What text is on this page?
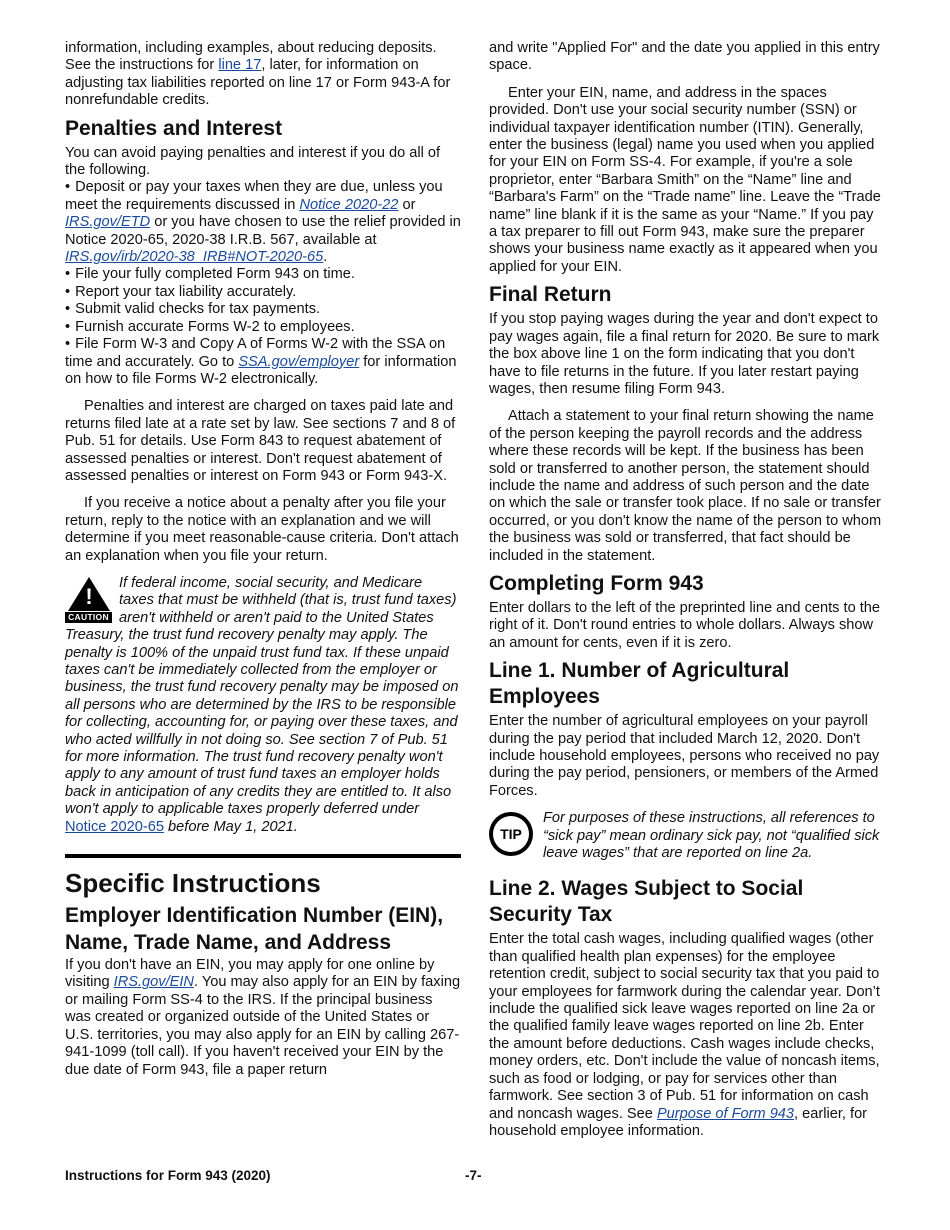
information, including examples, about reducing deposits. See the instructions for line 17, later, for information on adjusting tax liabilities reported on line 17 or Form 943-A for nonrefundable credits.

Penalties and Interest

You can avoid paying penalties and interest if you do all of the following.

• Deposit or pay your taxes when they are due, unless you meet the requirements discussed in Notice 2020-22 or IRS.gov/ETD or you have chosen to use the relief provided in Notice 2020-65, 2020-38 I.R.B. 567, available at IRS.gov/irb/2020-38_IRB#NOT-2020-65.

• File your fully completed Form 943 on time.

• Report your tax liability accurately.

• Submit valid checks for tax payments.

• Furnish accurate Forms W-2 to employees.

• File Form W-3 and Copy A of Forms W-2 with the SSA on time and accurately. Go to SSA.gov/employer for information on how to file Forms W-2 electronically.

Penalties and interest are charged on taxes paid late and returns filed late at a rate set by law. See sections 7 and 8 of Pub. 51 for details. Use Form 843 to request abatement of assessed penalties or interest. Don't request abatement of assessed penalties or interest on Form 943 or Form 943-X.

If you receive a notice about a penalty after you file your return, reply to the notice with an explanation and we will determine if you meet reasonable-cause criteria. Don't attach an explanation when you file your return.

!
CAUTION
If federal income, social security, and Medicare taxes that must be withheld (that is, trust fund taxes) aren't withheld or aren't paid to the United States Treasury, the trust fund recovery penalty may apply. The penalty is 100% of the unpaid trust fund tax. If these unpaid taxes can't be immediately collected from the employer or business, the trust fund recovery penalty may be imposed on all persons who are determined by the IRS to be responsible for collecting, accounting for, or paying over these taxes, and who acted willfully in not doing so. See section 7 of Pub. 51 for more information. The trust fund recovery penalty won't apply to any amount of trust fund taxes an employer holds back in anticipation of any credits they are entitled to. It also won't apply to applicable taxes properly deferred under Notice 2020-65 before May 1, 2021.
Specific Instructions
Employer Identification Number (EIN), Name, Trade Name, and Address

If you don't have an EIN, you may apply for one online by visiting IRS.gov/EIN. You may also apply for an EIN by faxing or mailing Form SS-4 to the IRS. If the principal business was created or organized outside of the United States or U.S. territories, you may also apply for an EIN by calling 267-941-1099 (toll call). If you haven't received your EIN by the due date of Form 943, file a paper return

and write "Applied For" and the date you applied in this entry space.

Enter your EIN, name, and address in the spaces provided. Don't use your social security number (SSN) or individual taxpayer identification number (ITIN). Generally, enter the business (legal) name you used when you applied for your EIN on Form SS-4. For example, if you're a sole proprietor, enter “Barbara Smith” on the “Name” line and “Barbara's Farm” on the “Trade name” line. Leave the “Trade name” line blank if it is the same as your “Name.” If you pay a tax preparer to fill out Form 943, make sure the preparer shows your business name exactly as it appeared when you applied for your EIN.

Final Return

If you stop paying wages during the year and don't expect to pay wages again, file a final return for 2020. Be sure to mark the box above line 1 on the form indicating that you don't have to file returns in the future. If you later restart paying wages, then resume filing Form 943.

Attach a statement to your final return showing the name of the person keeping the payroll records and the address where these records will be kept. If the business has been sold or transferred to another person, the statement should include the name and address of such person and the date on which the sale or transfer took place. If no sale or transfer occurred, or you don't know the name of the person to whom the business was sold or transferred, that fact should be included in the statement.

Completing Form 943

Enter dollars to the left of the preprinted line and cents to the right of it. Don't round entries to whole dollars. Always show an amount for cents, even if it is zero.

Line 1. Number of Agricultural Employees

Enter the number of agricultural employees on your payroll during the pay period that included March 12, 2020. Don't include household employees, persons who received no pay during the pay period, pensioners, or members of the Armed Forces.

TIP
For purposes of these instructions, all references to “sick pay” mean ordinary sick pay, not “qualified sick leave wages” that are reported on line 2a.
Line 2. Wages Subject to Social Security Tax

Enter the total cash wages, including qualified wages (other than qualified health plan expenses) for the employee retention credit, subject to social security tax that you paid to your employees for farmwork during the calendar year. Don’t include the qualified sick leave wages reported on line 2a or the qualified family leave wages reported on line 2b. Enter the amount before deductions. Cash wages include checks, money orders, etc. Don't include the value of noncash items, such as food or lodging, or pay for services other than farmwork. See section 3 of Pub. 51 for information on cash and noncash wages. See Purpose of Form 943, earlier, for household employee information.

Instructions for Form 943 (2020)	-7-
